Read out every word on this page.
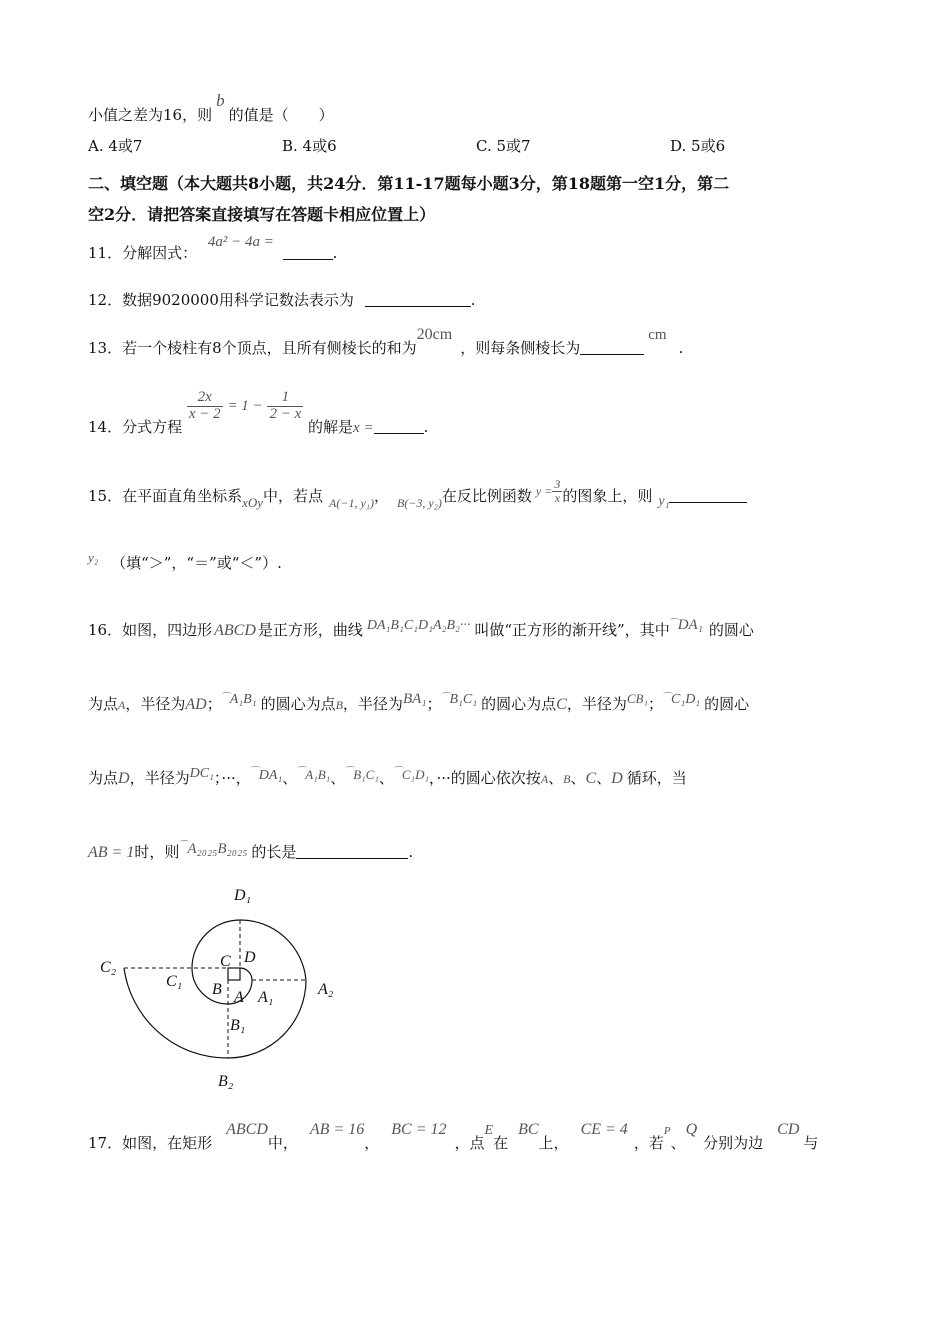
小值之差为16，则b的值是（　　）
A. 4或7	B. 4或6	C. 5或7	D. 5或6
二、填空题（本大题共8小题，共24分．第11-17题每小题3分，第18题第一空1分，第二
空2分．请把答案直接填写在答题卡相应位置上）
11．分解因式： 4a² − 4a = .
12．数据9020000用科学记数法表示为	.
13．若一个棱柱有8个顶点，且所有侧棱长的和为20cm，则每条侧棱长为cm.
14．分式方程
$\frac{2x}{x - 2} = 1 - \frac{1}{2 - x}$
的解是x =	.
15．在平面直角坐标系xOy中，若点 $_{A(-1, y_1)}$， $_{B(-3, y_2)}$在反比例函数 $^{y =} \frac{3}{x}$ 的图象上，则 y₁
y₂ （填“＞”，“＝”或“＜”）.
16．如图，四边形 ABCD 是正方形，曲线 DA₁B₁C₁D₁A₂B₂··· 叫做“正方形的渐开线”，其中⌒DA₁ 的圆心
为点A，半径为AD；⌒A₁B₁ 的圆心为点B，半径为BA₁；⌒B₁C₁ 的圆心为点C，半径为CB₁；⌒C₁D₁ 的圆心
为点D，半径为DC₁；···，⌒DA₁、⌒A₁B₁、⌒B₁C₁、⌒C₁D₁，···的圆心依次按A、B、C、D 循环，当
AB = 1时，则⌒A₂₀₂₅B₂₀₂₅ 的长是	.
D₁
C₂	C D
C₁ B A A₁	A₂
B₁
B₂
17．如图，在矩形ABCD中，AB = 16，BC = 12，点E在BC上，CE = 4，若$^P$、Q分别为边CD与
